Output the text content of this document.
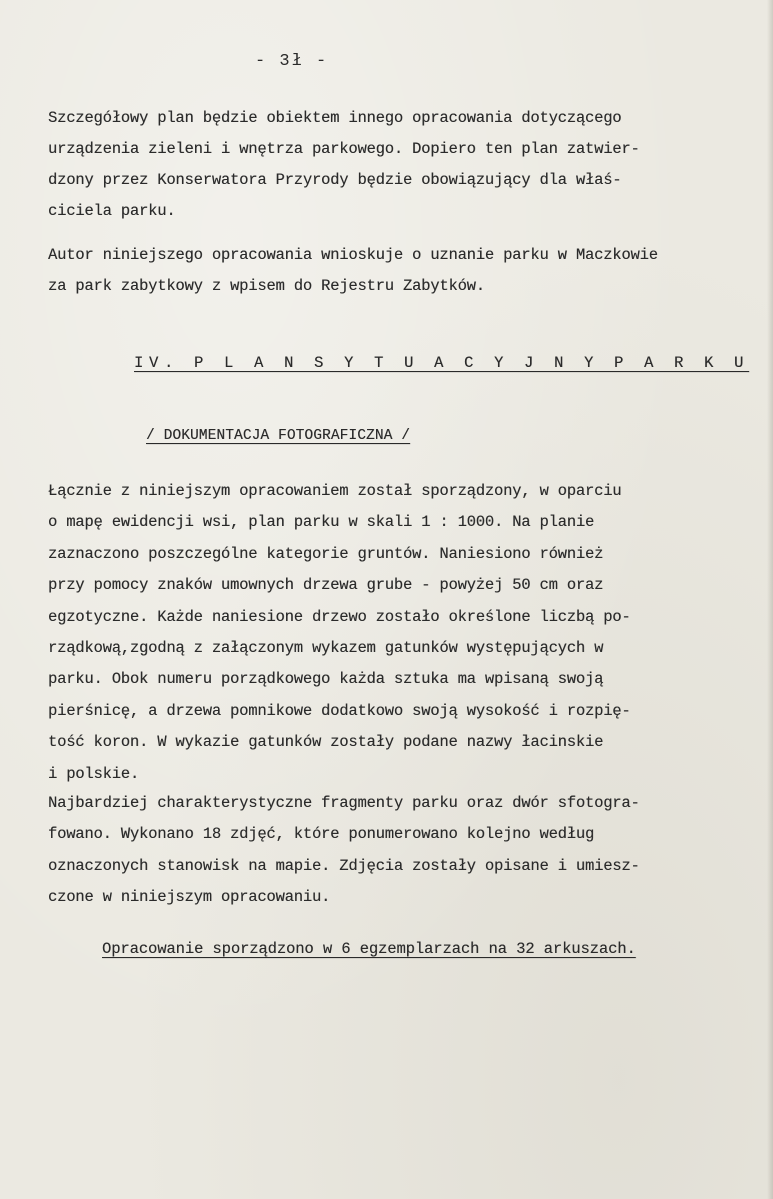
- 3ł -
Szczegółowy plan będzie obiektem innego opracowania dotyczącego
urządzenia zieleni i wnętrza parkowego. Dopiero ten plan zatwier-
dzony przez Konserwatora Przyrody będzie obowiązujący dla właś-
ciciela parku.
Autor niniejszego opracowania wnioskuje o uznanie parku w Maczkowie
za park zabytkowy z wpisem do Rejestru Zabytków.
IV. P L A N S Y T U A C Y J N Y P A R K U
/ DOKUMENTACJA FOTOGRAFICZNA /
Łącznie z niniejszym opracowaniem został sporządzony, w oparciu
o mapę ewidencji wsi, plan parku w skali 1 : 1000. Na planie
zaznaczono poszczególne kategorie gruntów. Naniesiono również
przy pomocy znaków umownych drzewa grube - powyżej 50 cm oraz
egzotyczne. Każde naniesione drzewo zostało określone liczbą po-
rządkową,zgodną z załączonym wykazem gatunków występujących w
parku. Obok numeru porządkowego każda sztuka ma wpisaną swoją
pierśnicę, a drzewa pomnikowe dodatkowo swoją wysokość i rozpię-
tość koron. W wykazie gatunków zostały podane nazwy łacinskie
i polskie.
Najbardziej charakterystyczne fragmenty parku oraz dwór sfotogra-
fowano. Wykonano 18 zdjęć, które ponumerowano kolejno według
oznaczonych stanowisk na mapie. Zdjęcia zostały opisane i umiesz-
czone w niniejszym opracowaniu.
Opracowanie sporządzono w 6 egzemplarzach na 32 arkuszach.
